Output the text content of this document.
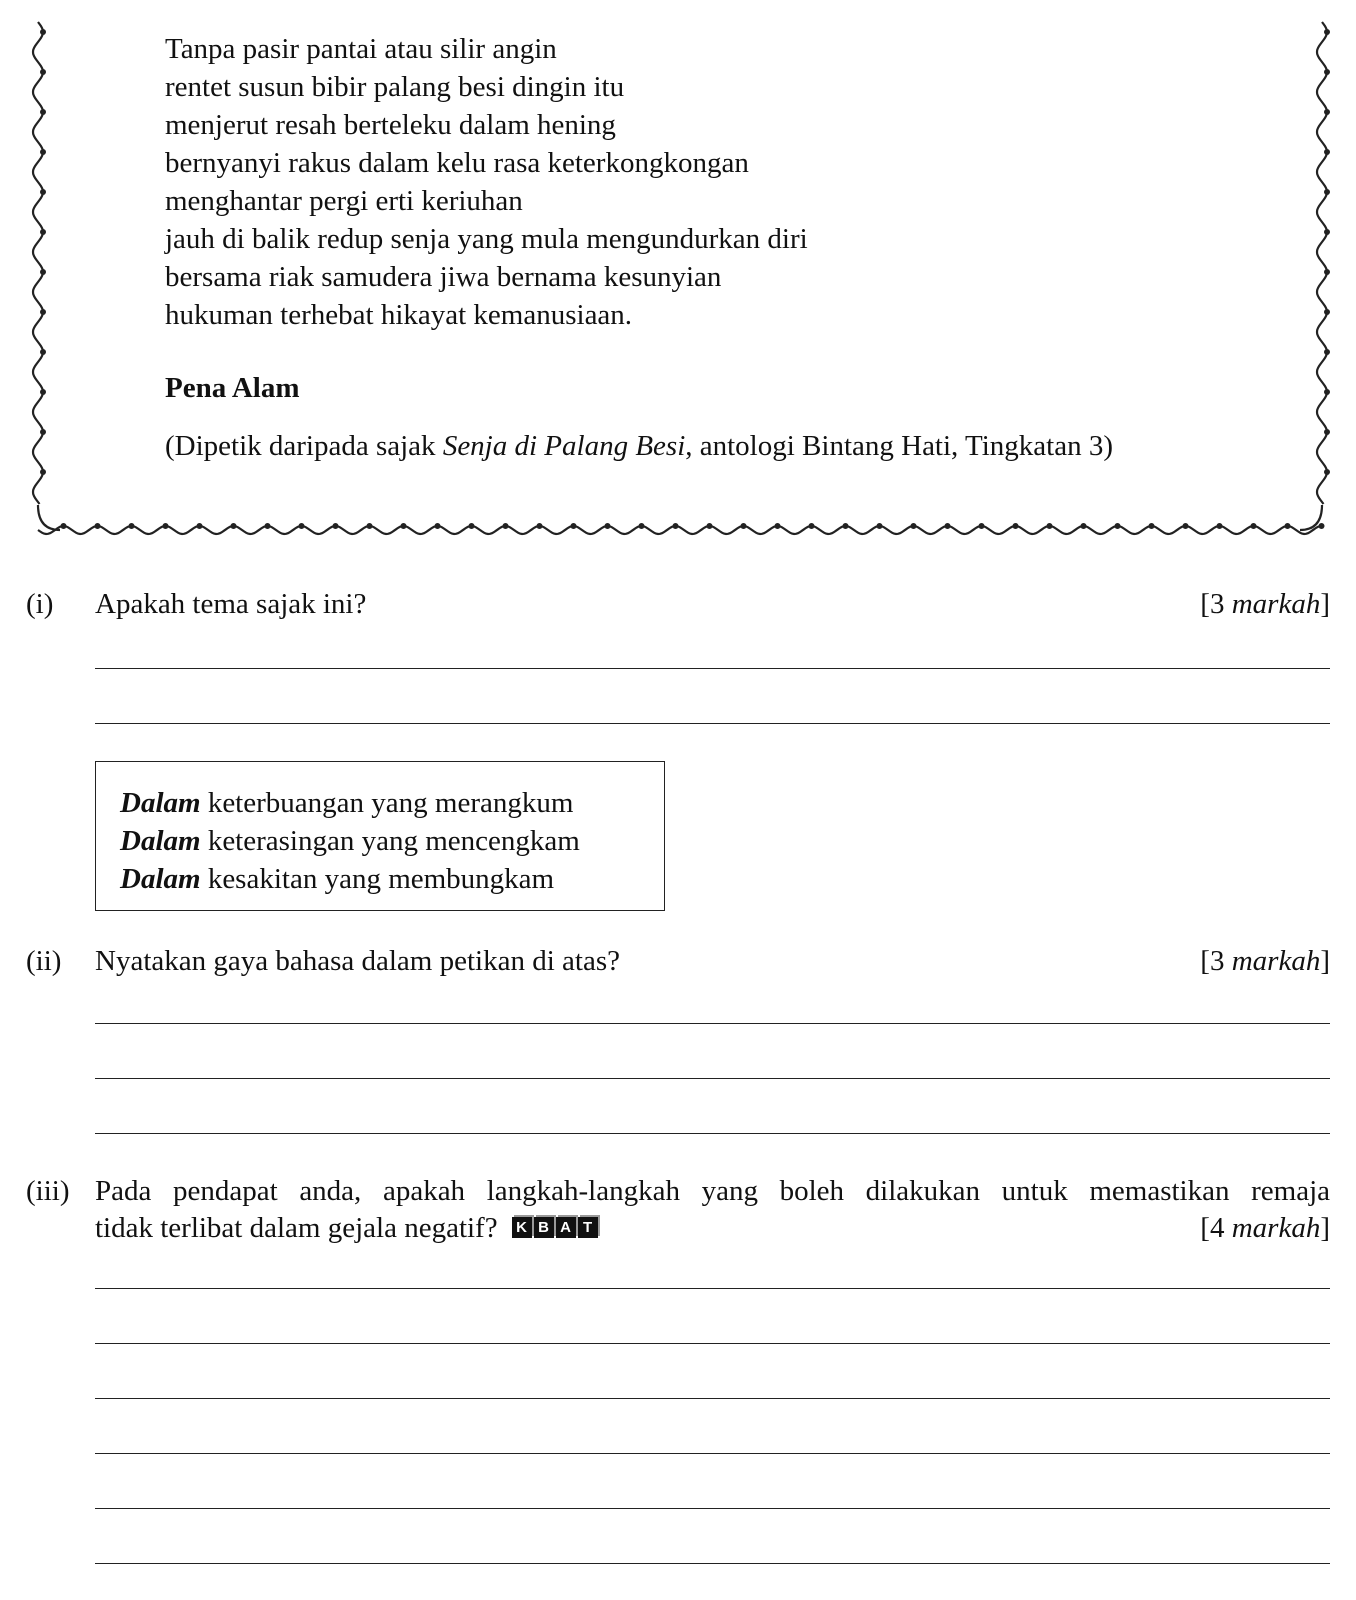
Tanpa pasir pantai atau silir angin
rentet susun bibir palang besi dingin itu
menjerut resah berteleku dalam hening
bernyanyi rakus dalam kelu rasa keterkongkongan
menghantar pergi erti keriuhan
jauh di balik redup senja yang mula mengundurkan diri
bersama riak samudera jiwa bernama kesunyian
hukuman terhebat hikayat kemanusiaan.
Pena Alam
(Dipetik daripada sajak Senja di Palang Besi, antologi Bintang Hati, Tingkatan 3)
(i) Apakah tema sajak ini?	[3 markah]
Dalam keterbuangan yang merangkum
Dalam keterasingan yang mencengkam
Dalam kesakitan yang membungkam
(ii) Nyatakan gaya bahasa dalam petikan di atas?	[3 markah]
(iii) Pada pendapat anda, apakah langkah-langkah yang boleh dilakukan untuk memastikan remaja
tidak terlibat dalam gejala negatif?	K B A T	[4 markah]
